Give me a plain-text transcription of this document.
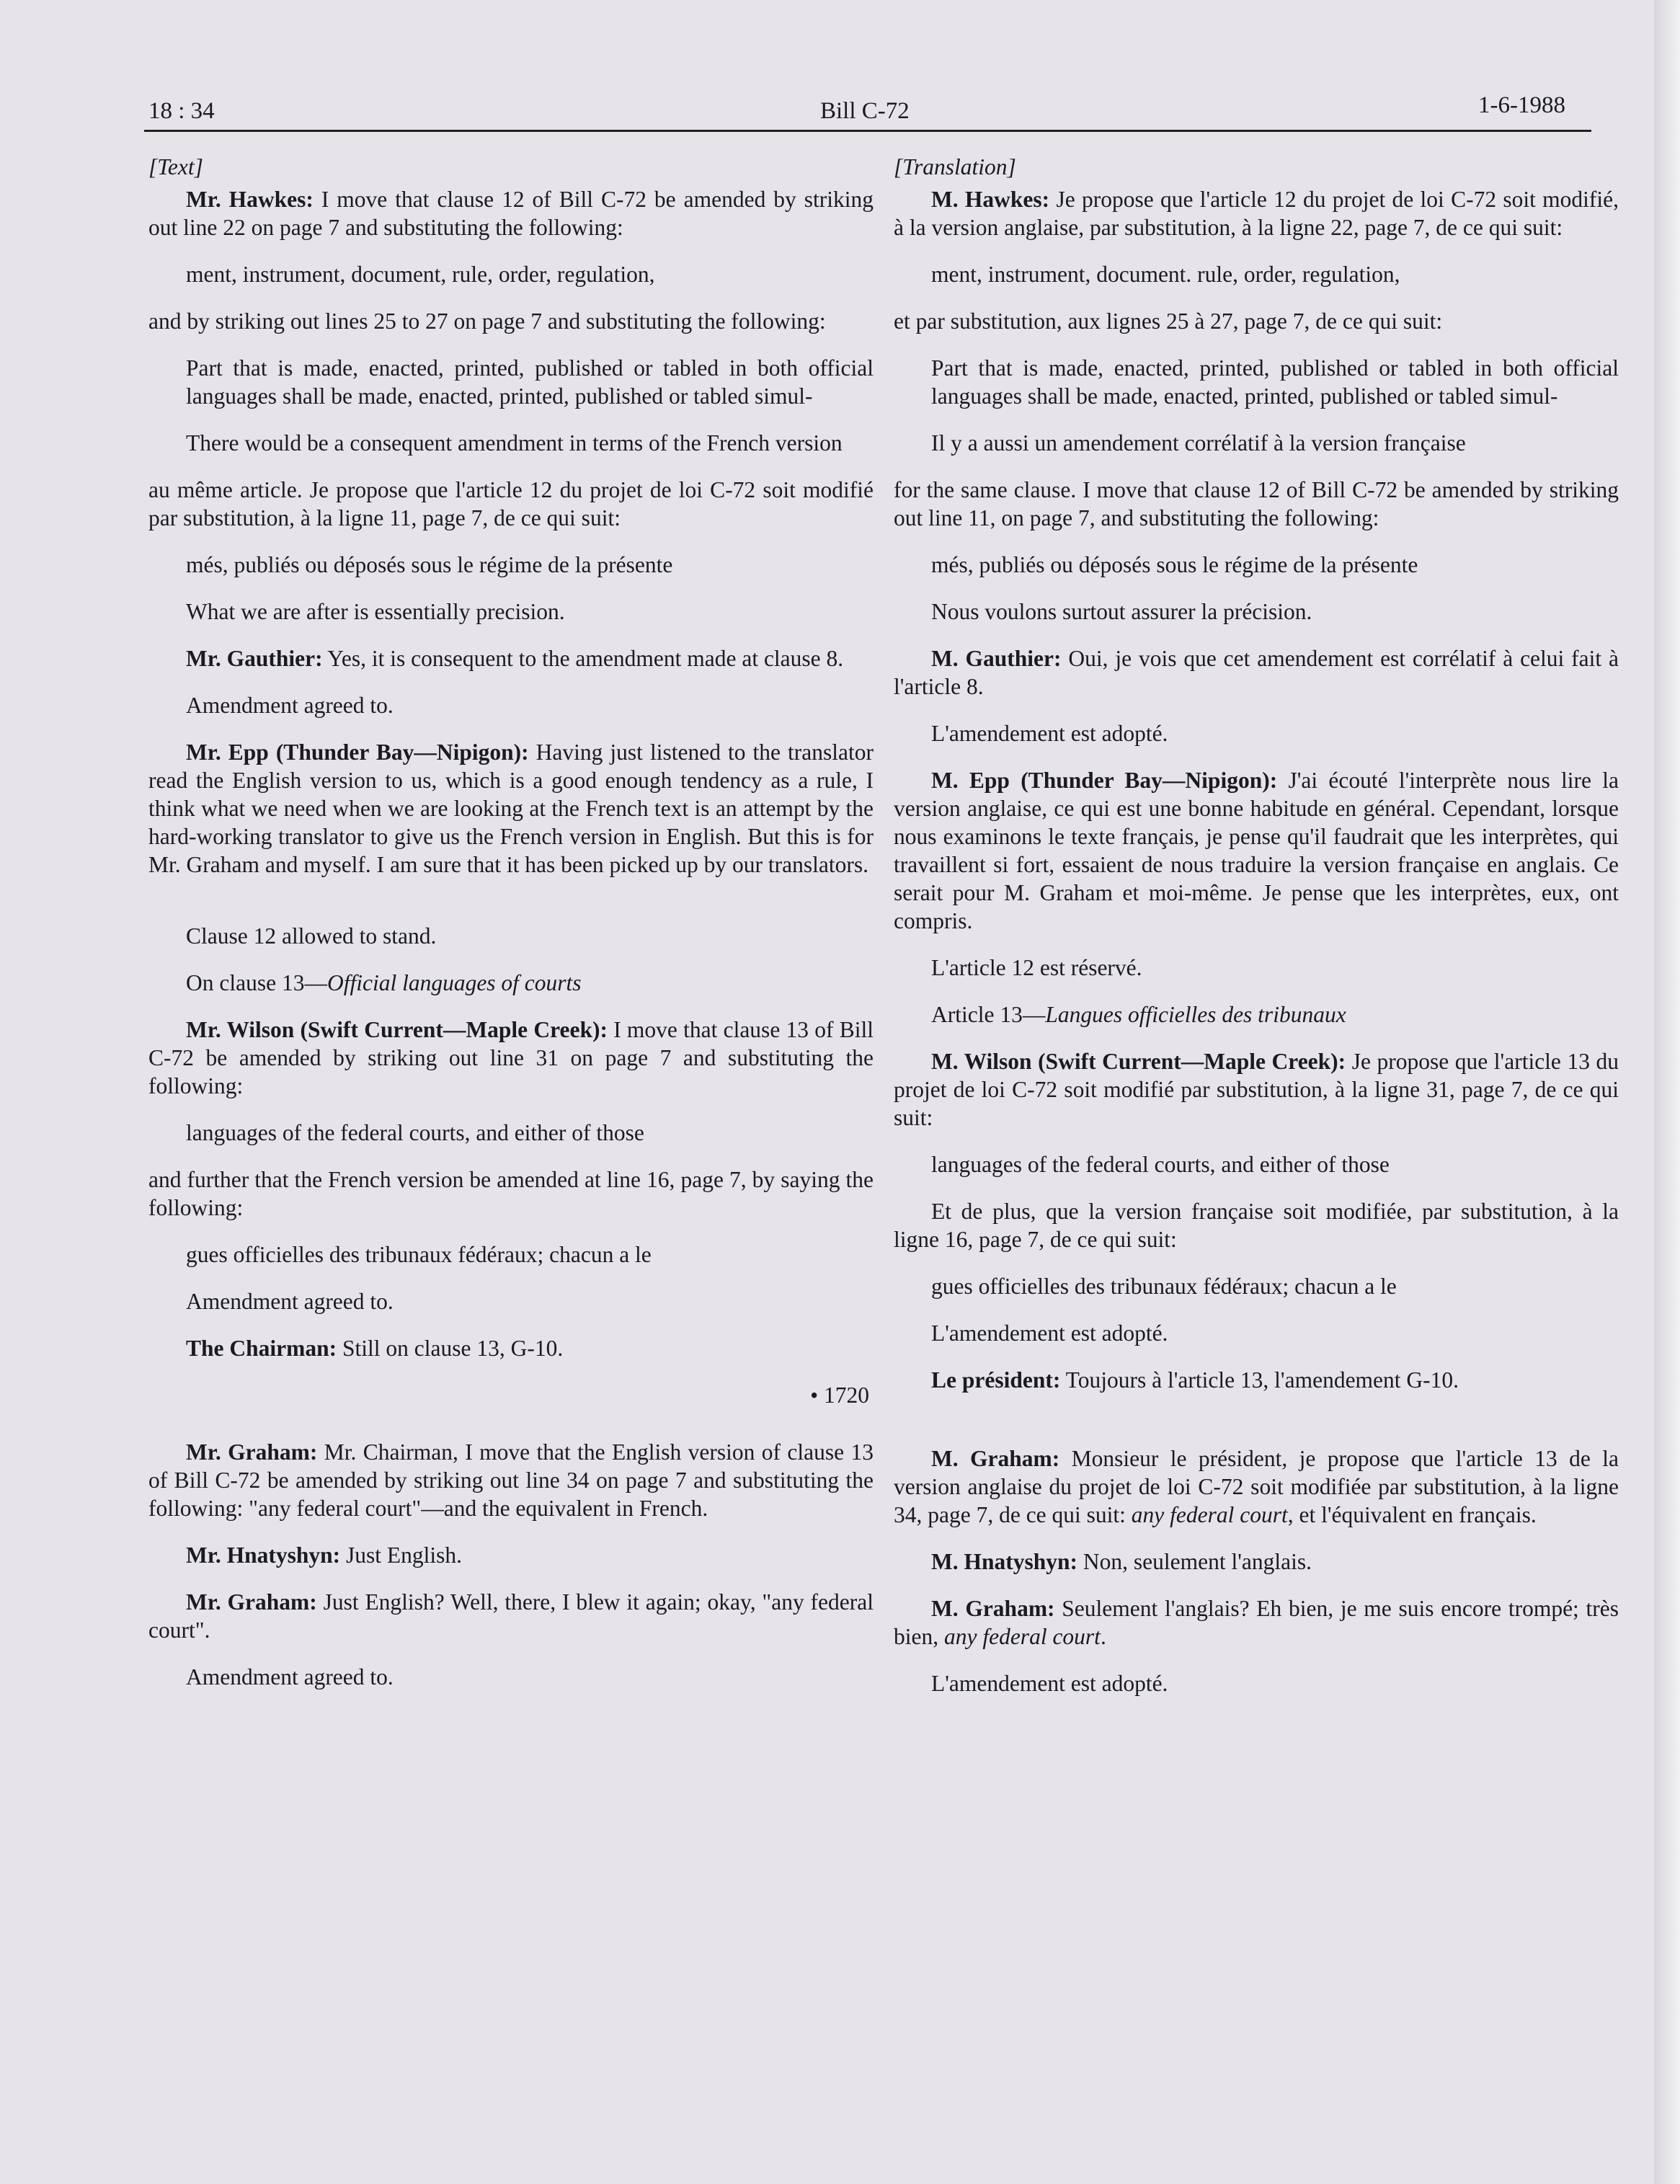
18 : 34	Bill C-72	1-6-1988

[Text]

Mr. Hawkes: I move that clause 12 of Bill C-72 be amended by striking out line 22 on page 7 and substituting the following:

ment, instrument, document, rule, order, regulation,

and by striking out lines 25 to 27 on page 7 and substituting the following:

Part that is made, enacted, printed, published or tabled in both official languages shall be made, enacted, printed, published or tabled simul-

There would be a consequent amendment in terms of the French version

au même article. Je propose que l'article 12 du projet de loi C-72 soit modifié par substitution, à la ligne 11, page 7, de ce qui suit:

més, publiés ou déposés sous le régime de la présente

What we are after is essentially precision.

Mr. Gauthier: Yes, it is consequent to the amendment made at clause 8.

Amendment agreed to.

Mr. Epp (Thunder Bay—Nipigon): Having just listened to the translator read the English version to us, which is a good enough tendency as a rule, I think what we need when we are looking at the French text is an attempt by the hard-working translator to give us the French version in English. But this is for Mr. Graham and myself. I am sure that it has been picked up by our translators.

Clause 12 allowed to stand.

On clause 13—Official languages of courts

Mr. Wilson (Swift Current—Maple Creek): I move that clause 13 of Bill C-72 be amended by striking out line 31 on page 7 and substituting the following:

languages of the federal courts, and either of those

and further that the French version be amended at line 16, page 7, by saying the following:

gues officielles des tribunaux fédéraux; chacun a le

Amendment agreed to.

The Chairman: Still on clause 13, G-10.

• 1720

Mr. Graham: Mr. Chairman, I move that the English version of clause 13 of Bill C-72 be amended by striking out line 34 on page 7 and substituting the following: "any federal court"—and the equivalent in French.

Mr. Hnatyshyn: Just English.

Mr. Graham: Just English? Well, there, I blew it again; okay, "any federal court".

Amendment agreed to.

[Translation]

M. Hawkes: Je propose que l'article 12 du projet de loi C-72 soit modifié, à la version anglaise, par substitution, à la ligne 22, page 7, de ce qui suit:

ment, instrument, document. rule, order, regulation,

et par substitution, aux lignes 25 à 27, page 7, de ce qui suit:

Part that is made, enacted, printed, published or tabled in both official languages shall be made, enacted, printed, published or tabled simul-

Il y a aussi un amendement corrélatif à la version française

for the same clause. I move that clause 12 of Bill C-72 be amended by striking out line 11, on page 7, and substituting the following:

més, publiés ou déposés sous le régime de la présente

Nous voulons surtout assurer la précision.

M. Gauthier: Oui, je vois que cet amendement est corrélatif à celui fait à l'article 8.

L'amendement est adopté.

M. Epp (Thunder Bay—Nipigon): J'ai écouté l'interprète nous lire la version anglaise, ce qui est une bonne habitude en général. Cependant, lorsque nous examinons le texte français, je pense qu'il faudrait que les interprètes, qui travaillent si fort, essaient de nous traduire la version française en anglais. Ce serait pour M. Graham et moi-même. Je pense que les interprètes, eux, ont compris.

L'article 12 est réservé.

Article 13—Langues officielles des tribunaux

M. Wilson (Swift Current—Maple Creek): Je propose que l'article 13 du projet de loi C-72 soit modifié par substitution, à la ligne 31, page 7, de ce qui suit:

languages of the federal courts, and either of those

Et de plus, que la version française soit modifiée, par substitution, à la ligne 16, page 7, de ce qui suit:

gues officielles des tribunaux fédéraux; chacun a le

L'amendement est adopté.

Le président: Toujours à l'article 13, l'amendement G-10.

M. Graham: Monsieur le président, je propose que l'article 13 de la version anglaise du projet de loi C-72 soit modifiée par substitution, à la ligne 34, page 7, de ce qui suit: any federal court, et l'équivalent en français.

M. Hnatyshyn: Non, seulement l'anglais.

M. Graham: Seulement l'anglais? Eh bien, je me suis encore trompé; très bien, any federal court.

L'amendement est adopté.
